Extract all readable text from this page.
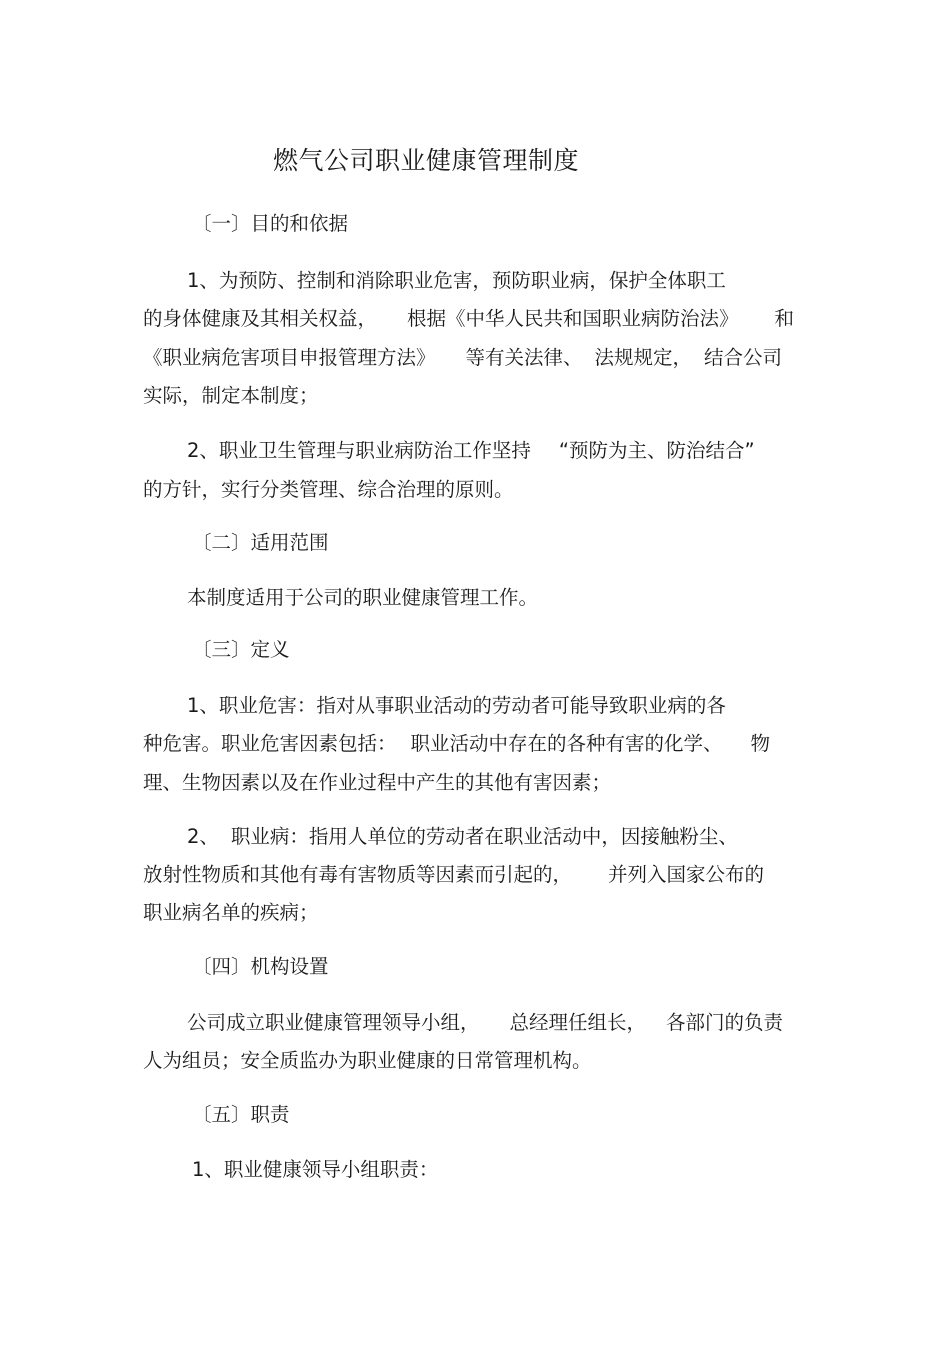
燃气公司职业健康管理制度
〔一〕目的和依据
1、为预防、控制和消除职业危害，预防职业病，保护全体职工
的身体健康及其相关权益， 根据《中华人民共和国职业病防治法》 和
《职业病危害项目申报管理方法》 等有关法律、 法规规定， 结合公司
实际，制定本制度；
2、职业卫生管理与职业病防治工作坚持 “预防为主、防治结合”
的方针，实行分类管理、综合治理的原则。
〔二〕适用范围
本制度适用于公司的职业健康管理工作。
〔三〕定义
1、职业危害：指对从事职业活动的劳动者可能导致职业病的各
种危害。职业危害因素包括： 职业活动中存在的各种有害的化学、 物
理、生物因素以及在作业过程中产生的其他有害因素；
2、 职业病：指用人单位的劳动者在职业活动中，因接触粉尘、
放射性物质和其他有毒有害物质等因素而引起的， 并列入国家公布的
职业病名单的疾病；
〔四〕机构设置
公司成立职业健康管理领导小组， 总经理任组长， 各部门的负责
人为组员；安全质监办为职业健康的日常管理机构。
〔五〕职责
1、职业健康领导小组职责：
